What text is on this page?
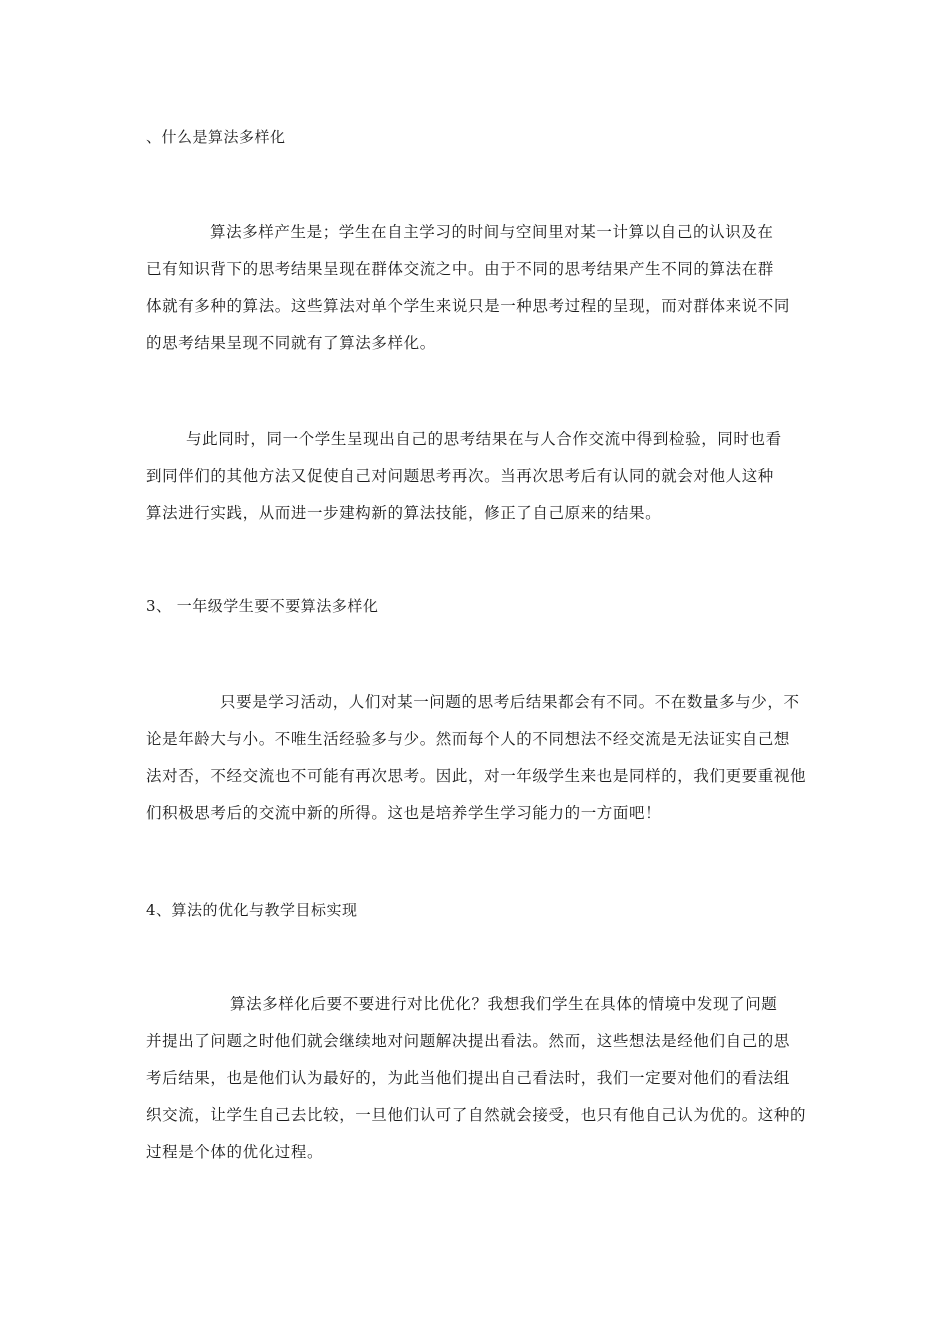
、什么是算法多样化
算法多样产生是；学生在自主学习的时间与空间里对某一计算以自己的认识及在
已有知识背下的思考结果呈现在群体交流之中。由于不同的思考结果产生不同的算法在群
体就有多种的算法。这些算法对单个学生来说只是一种思考过程的呈现，而对群体来说不同
的思考结果呈现不同就有了算法多样化。
与此同时，同一个学生呈现出自己的思考结果在与人合作交流中得到检验，同时也看
到同伴们的其他方法又促使自己对问题思考再次。当再次思考后有认同的就会对他人这种
算法进行实践，从而进一步建构新的算法技能，修正了自己原来的结果。
3、 一年级学生要不要算法多样化
只要是学习活动，人们对某一问题的思考后结果都会有不同。不在数量多与少，不
论是年龄大与小。不唯生活经验多与少。然而每个人的不同想法不经交流是无法证实自己想
法对否，不经交流也不可能有再次思考。因此，对一年级学生来也是同样的，我们更要重视他
们积极思考后的交流中新的所得。这也是培养学生学习能力的一方面吧！
4、算法的优化与教学目标实现
算法多样化后要不要进行对比优化？我想我们学生在具体的情境中发现了问题
并提出了问题之时他们就会继续地对问题解决提出看法。然而，这些想法是经他们自己的思
考后结果，也是他们认为最好的，为此当他们提出自己看法时，我们一定要对他们的看法组
织交流，让学生自己去比较，一旦他们认可了自然就会接受，也只有他自己认为优的。这种的
过程是个体的优化过程。
